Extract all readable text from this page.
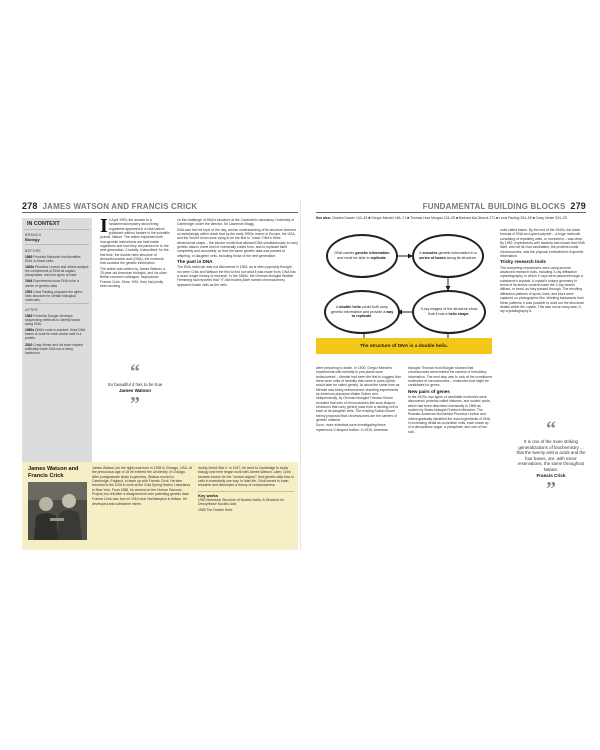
278 JAMES WATSON AND FRANCIS CRICK
IN CONTEXT
BRANCH
Biology
BEFORE
1869 Friedrich Miescher first identifies DNA, in blood cells.
1920s Phoebus Levene and others analyse the components of DNA as sugars, phosphates, and four types of base.
1944 Experiments show DNA to be a carrier of genetic data.
1951 Linus Pauling proposes the alpha helix structure for certain biological molecules.
AFTER
1962 Frederick Sanger develops sequencing methods to identify bases along DNA.
1960s DNA's code is cracked: three DNA bases of code for each amino acid in a protein.
2010 Craig Venter and his team implant artificially made DNA into a living bacterium.
I n April 1953, the answer to a fundamental mystery about living organisms appeared in a short article published without fanfare in the scientific journal, Nature. The article explained both how genetic instructions are held inside organisms and how they are passed on to the next generation. Crucially, it described, for the first time, the double-helix structure of deoxyribonucleic acid (DNA), the molecule that contains the genetic information.

The article was written by James Watson, a 25-year-old American biologist, and his older British research colleague, biophysicist Francis Crick. Since 1951, they had jointly been working

“
So beautiful it has to be true
James Watson
”

on the challenge of DNA's structure at the Cavendish Laboratory, University of Cambridge, under the director, Sir Lawrence Bragg.

DNA was the hot topic of the day, and an understanding of its structure seemed so tantalizingly within reach that by the early 1950s, teams in Europe, the USA, and the Soviet Union were vying to be the first to "crack" DNA's three-dimensional shape – the elusive model that allowed DNA simultaneously to carry genetic data in some kind of chemically coded form, and to replicate itself completely and accurately, so that the same genetic data was passed to offspring, or daughter cells, including those of the next generation.

The past in DNA

The DNA molecule was not discovered in 1953, as is often popularly thought, nor were Crick and Watson the first to find out what it was made from. DNA has a much longer history of research. In the 1860s, the German biologist Walther Flemming had reported that "X"-like bodies (later named chromosomes) appeared inside cells as the cells

James Watson and
Francis Crick

James Watson (on the right) was born in 1928 in Chicago, USA. At the precocious age of 15 he entered the University of Chicago. After postgraduate study in genetics, Watson moved to Cambridge, England, to team up with Francis Crick. He later returned to the USA to work at the Cold Spring Harbor Laboratory in New York. From 1988, he worked on the Human Genome Project, but left after a disagreement over patenting genetic data.

Francis Crick was born in 1916 near Northampton in Britain. He developed anti-submarine mines

during World War II. In 1947, he went to Cambridge to study biology and here began work with James Watson. Later, Crick became known for the "central dogma": that genetic data flow in cells in essentially one way. In later life, Crick turned to brain research and developed a theory of consciousness.

Key works

1953 Molecular Structure of Nucleic Acids: A Structure for Deoxyribose Nucleic Acid

1968 The Double Helix

FUNDAMENTAL BUILDING BLOCKS 279
See also: Charles Darwin 142–49 ■ Gregor Mendel 166–71 ■ Thomas Hunt Morgan 224–25 ■ Barbara McClintock 271 ■ Linus Pauling 254–59 ■ Craig Venter 324–25
DNA carries genetic information and must be able to replicate.
It encodes genetic information in a series of bases along its structure.
A double helix could both carry genetic information and provide a way to replicate.
X-ray images of the structure show that it has a helix shape.
The structure of DNA is a double helix.

were preparing to divide. In 1900, Gregor Mendel's experiments with heredity in pea plants were rediscovered – Mendel had been the first to suggest that there were units of heredity that came in pairs (which would later be called genes). At about the same time as Mendel was being rediscovered, breeding experiments by American physician Walter Sutton and, independently, by German biologist Theodor Boveri revealed that sets of chromosomes like sock-shaped structures that carry genes) pass from a dividing cell to each of its daughter cells. The existing Sutton-Boveri theory proposed that chromosomes are the carriers of genetic material.

Soon, more scientists were investigating these mysterious X-shaped bodies. In 1915, American

biologist Thomas Hunt Morgan showed that chromosomes were indeed the carriers of hereditary information. The next step was to look at the constituent molecules of chromosomes – molecules that might be candidates for genes.

New pairs of genes

In the 1920s, two types of candidate molecules were discovered: proteins called histones, and nucleic acids, which had been described chemically in 1869 as nuclein by Swiss biologist Friedrich Miescher. The Russian-American biochemist Phoebus Levene and others gradually identified the main ingredients of DNA, in increasing detail as nucleotide units, each made up of a deoxyribose sugar, a phosphate, and one of four sub-

units called bases. By the end of the 1940s, the basic formula of DNA as a giant polymer – a huge molecule consisting of repeating units, or monomers – was clear. By 1952, experiments with bacteria had shown that DNA itself, and not its rival candidates, the proteins inside chromosomes, was the physical embodiment of genetic information.

Tricky research tools

The competing researchers were using several advanced research tools, including X-ray diffraction crystallography, in which X-rays were passed through a substance's crystals. A crystal's unique geometry in terms of its atomic content made the X-ray beams diffract, or bend, as they passed through. The resulting diffraction patterns of spots, lines, and blurs were captured on photographic film. Working backwards from these patterns, it was possible to work out the structural details within the crystal. This was not an easy task; X-ray crystallography a

“
It is one of the more striking generalizations of biochemistry ... that the twenty amino acids and the four bases, are, with minor reservations, the same throughout Nature.
Francis Crick
”
